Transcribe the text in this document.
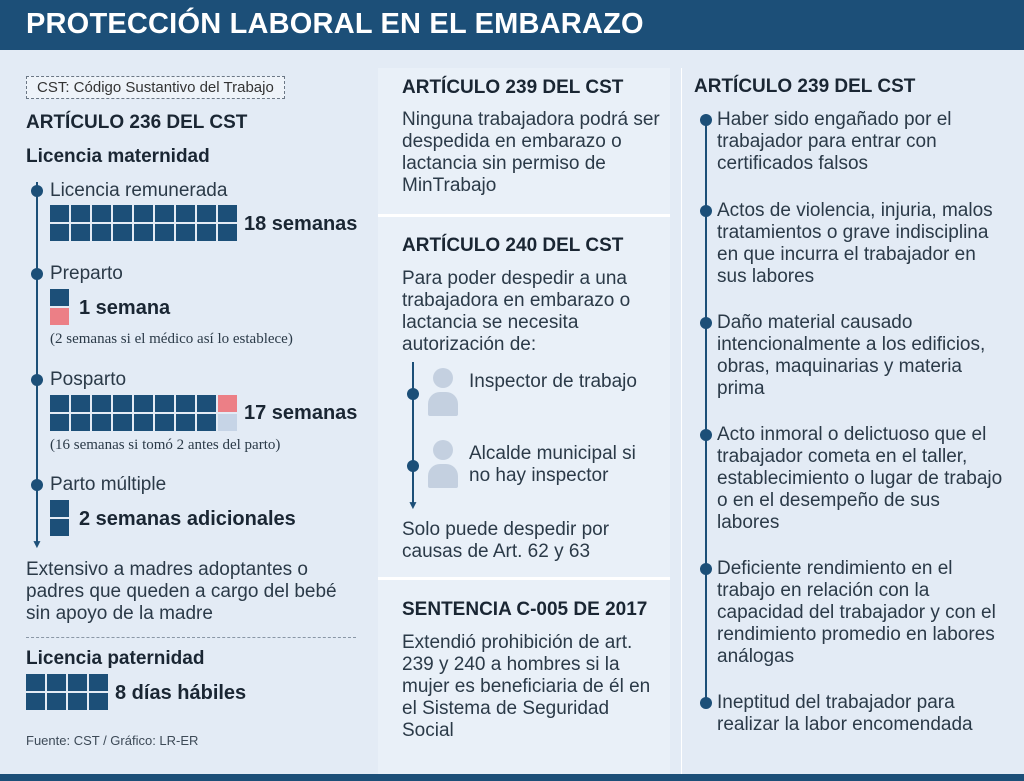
PROTECCIÓN LABORAL EN EL EMBARAZO
CST: Código Sustantivo del Trabajo
ARTÍCULO 236 DEL CST
Licencia maternidad
▼
Licencia remunerada
18 semanas
Preparto
1 semana
(2 semanas si el médico así lo establece)
Posparto
17 semanas
(16 semanas si tomó 2 antes del parto)
Parto múltiple
2 semanas adicionales
Extensivo a madres adoptantes o padres que queden a cargo del bebé sin apoyo de la madre
Licencia paternidad
8 días hábiles
Fuente: CST / Gráfico: LR-ER
ARTÍCULO 239 DEL CST
Ninguna trabajadora podrá ser despedida en embarazo o lactancia sin permiso de MinTrabajo
ARTÍCULO 240 DEL CST
Para poder despedir a una trabajadora en embarazo o lactancia se necesita autorización de:
▼
Inspector de trabajo
Alcalde municipal si no hay inspector
Solo puede despedir por causas de Art. 62 y 63
SENTENCIA C-005 DE 2017
Extendió prohibición de art. 239 y 240 a hombres si la mujer es beneficiaria de él en el Sistema de Seguridad Social
ARTÍCULO 239 DEL CST
Haber sido engañado por el trabajador para entrar con certificados falsos
Actos de violencia, injuria, malos tratamientos o grave indisciplina en que incurra el trabajador en sus labores
Daño material causado intencionalmente a los edificios, obras, maquinarias y materia prima
Acto inmoral o delictuoso que el trabajador cometa en el taller, establecimiento o lugar de trabajo o en el desempeño de sus labores
Deficiente rendimiento en el trabajo en relación con la capacidad del trabajador y con el rendimiento promedio en labores análogas
Ineptitud del trabajador para realizar la labor encomendada
